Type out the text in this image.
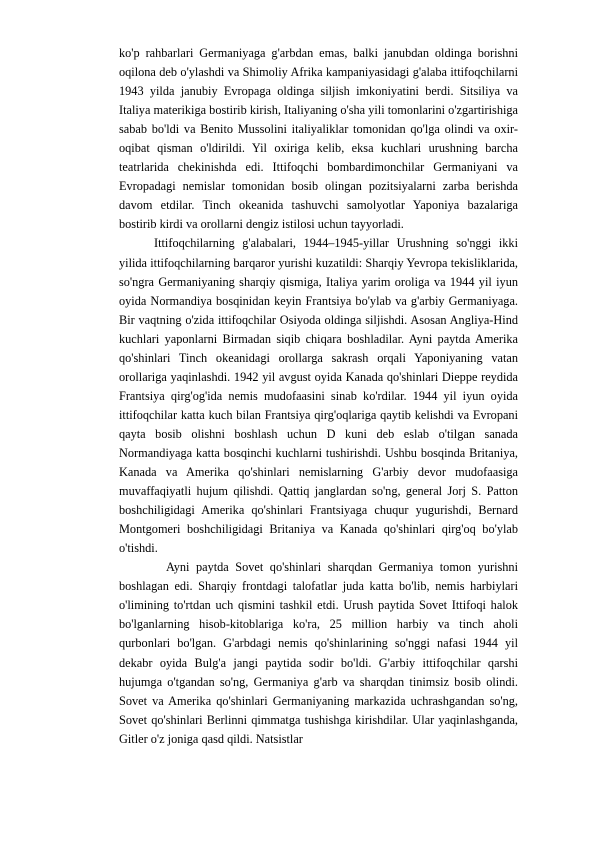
ko'p rahbarlari Germaniyaga g'arbdan emas, balki janubdan oldinga borishni oqilona deb o'ylashdi va Shimoliy Afrika kampaniyasidagi g'alaba ittifoqchilarni 1943 yilda janubiy Evropaga oldinga siljish imkoniyatini berdi. Sitsiliya va Italiya materikiga bostirib kirish, Italiyaning o'sha yili tomonlarini o'zgartirishiga sabab bo'ldi va Benito Mussolini italiyaliklar tomonidan qo'lga olindi va oxir-oqibat qisman o'ldirildi. Yil oxiriga kelib, eksa kuchlari urushning barcha teatrlarida chekinishda edi. Ittifoqchi bombardimonchilar Germaniyani va Evropadagi nemislar tomonidan bosib olingan pozitsiyalarni zarba berishda davom etdilar. Tinch okeanida tashuvchi samolyotlar Yaponiya bazalariga bostirib kirdi va orollarni dengiz istilosi uchun tayyorladi.

Ittifoqchilarning g'alabalari, 1944–1945-yillar Urushning so'nggi ikki yilida ittifoqchilarning barqaror yurishi kuzatildi: Sharqiy Yevropa tekisliklarida, so'ngra Germaniyaning sharqiy qismiga, Italiya yarim oroliga va 1944 yil iyun oyida Normandiya bosqinidan keyin Frantsiya bo'ylab va g'arbiy Germaniyaga. Bir vaqtning o'zida ittifoqchilar Osiyoda oldinga siljishdi. Asosan Angliya-Hind kuchlari yaponlarni Birmadan siqib chiqara boshladilar. Ayni paytda Amerika qo'shinlari Tinch okeanidagi orollarga sakrash orqali Yaponiyaning vatan orollariga yaqinlashdi. 1942 yil avgust oyida Kanada qo'shinlari Dieppe reydida Frantsiya qirg'og'ida nemis mudofaasini sinab ko'rdilar. 1944 yil iyun oyida ittifoqchilar katta kuch bilan Frantsiya qirg'oqlariga qaytib kelishdi va Evropani qayta bosib olishni boshlash uchun D kuni deb eslab o'tilgan sanada Normandiyaga katta bosqinchi kuchlarni tushirishdi. Ushbu bosqinda Britaniya, Kanada va Amerika qo'shinlari nemislarning G'arbiy devor mudofaasiga muvaffaqiyatli hujum qilishdi. Qattiq janglardan so'ng, general Jorj S. Patton boshchiligidagi Amerika qo'shinlari Frantsiyaga chuqur yugurishdi, Bernard Montgomeri boshchiligidagi Britaniya va Kanada qo'shinlari qirg'oq bo'ylab o'tishdi.

Ayni paytda Sovet qo'shinlari sharqdan Germaniya tomon yurishni boshlagan edi. Sharqiy frontdagi talofatlar juda katta bo'lib, nemis harbiylari o'limining to'rtdan uch qismini tashkil etdi. Urush paytida Sovet Ittifoqi halok bo'lganlarning hisob-kitoblariga ko'ra, 25 million harbiy va tinch aholi qurbonlari bo'lgan. G'arbdagi nemis qo'shinlarining so'nggi nafasi 1944 yil dekabr oyida Bulg'a jangi paytida sodir bo'ldi. G'arbiy ittifoqchilar qarshi hujumga o'tgandan so'ng, Germaniya g'arb va sharqdan tinimsiz bosib olindi. Sovet va Amerika qo'shinlari Germaniyaning markazida uchrashgandan so'ng, Sovet qo'shinlari Berlinni qimmatga tushishga kirishdilar. Ular yaqinlashganda, Gitler o'z joniga qasd qildi. Natsistlar
